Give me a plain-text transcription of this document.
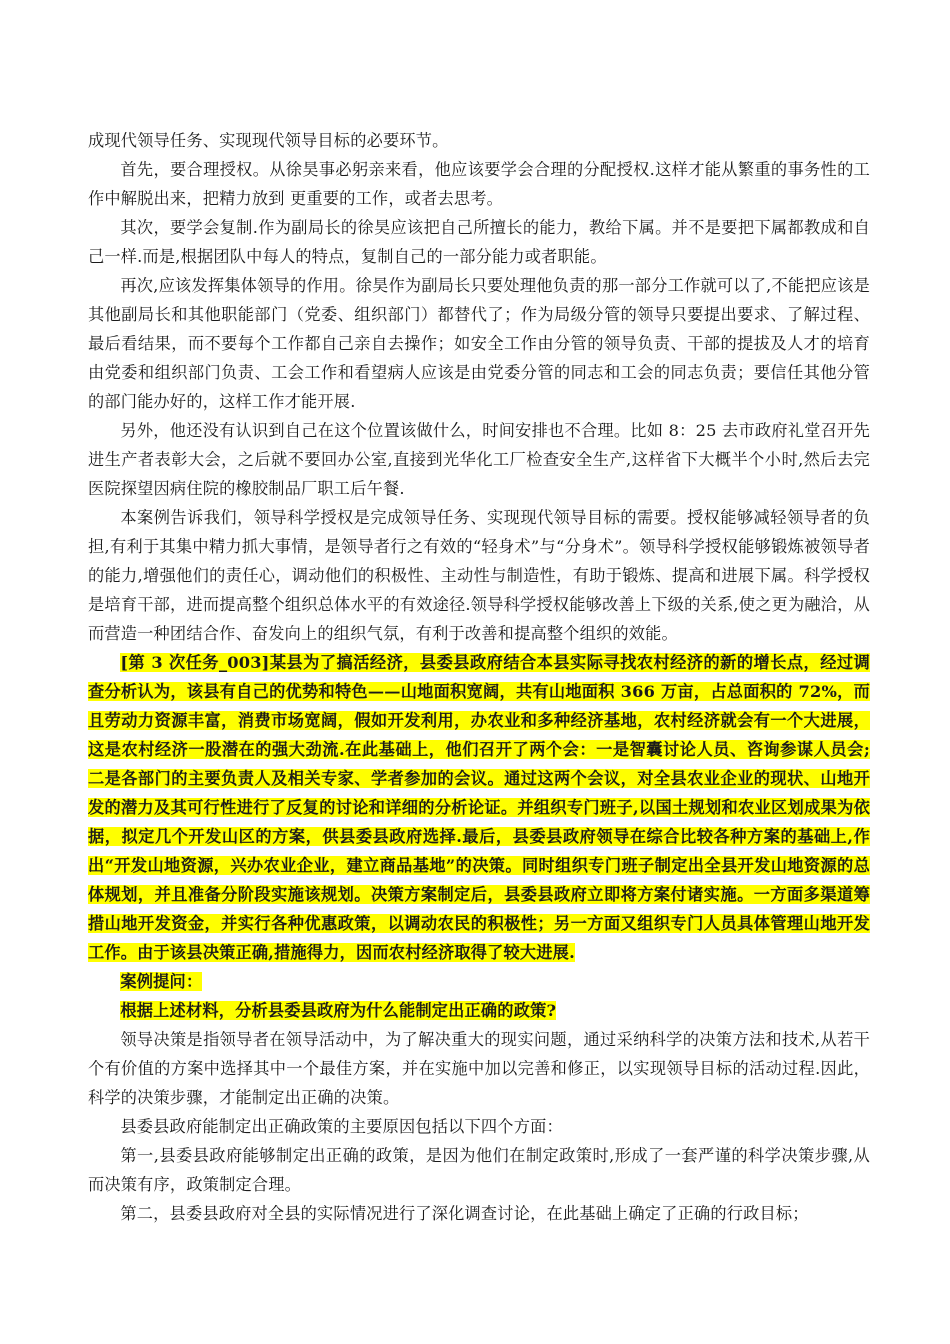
成现代领导任务、实现现代领导目标的必要环节。

首先，要合理授权。从徐昊事必躬亲来看，他应该要学会合理的分配授权.这样才能从繁重的事务性的工作中解脱出来，把精力放到 更重要的工作，或者去思考。

其次，要学会复制.作为副局长的徐昊应该把自己所擅长的能力，教给下属。并不是要把下属都教成和自己一样.而是,根据团队中每人的特点，复制自己的一部分能力或者职能。

再次,应该发挥集体领导的作用。徐昊作为副局长只要处理他负责的那一部分工作就可以了,不能把应该是其他副局长和其他职能部门（党委、组织部门）都替代了；作为局级分管的领导只要提出要求、了解过程、最后看结果，而不要每个工作都自己亲自去操作；如安全工作由分管的领导负责、干部的提拔及人才的培育由党委和组织部门负责、工会工作和看望病人应该是由党委分管的同志和工会的同志负责；要信任其他分管的部门能办好的，这样工作才能开展.

另外，他还没有认识到自己在这个位置该做什么，时间安排也不合理。比如 8：25 去市政府礼堂召开先进生产者表彰大会，之后就不要回办公室,直接到光华化工厂检查安全生产,这样省下大概半个小时,然后去完医院探望因病住院的橡胶制品厂职工后午餐.

本案例告诉我们，领导科学授权是完成领导任务、实现现代领导目标的需要。授权能够减轻领导者的负担,有利于其集中精力抓大事情，是领导者行之有效的“轻身术”与“分身术”。领导科学授权能够锻炼被领导者的能力,增强他们的责任心，调动他们的积极性、主动性与制造性，有助于锻炼、提高和进展下属。科学授权是培育干部，进而提高整个组织总体水平的有效途径.领导科学授权能够改善上下级的关系,使之更为融洽，从而营造一种团结合作、奋发向上的组织气氛，有利于改善和提高整个组织的效能。

[第 3 次任务_003]某县为了搞活经济，县委县政府结合本县实际寻找农村经济的新的增长点，经过调查分析认为，该县有自己的优势和特色——山地面积宽阔，共有山地面积 366 万亩，占总面积的 72%，而且劳动力资源丰富，消费市场宽阔，假如开发利用，办农业和多种经济基地，农村经济就会有一个大进展，这是农村经济一股潜在的强大劲流.在此基础上，他们召开了两个会：一是智囊讨论人员、咨询参谋人员会;二是各部门的主要负责人及相关专家、学者参加的会议。通过这两个会议，对全县农业企业的现状、山地开发的潜力及其可行性进行了反复的讨论和详细的分析论证。并组织专门班子,以国土规划和农业区划成果为依据，拟定几个开发山区的方案，供县委县政府选择.最后，县委县政府领导在综合比较各种方案的基础上,作出“开发山地资源，兴办农业企业，建立商品基地”的决策。同时组织专门班子制定出全县开发山地资源的总体规划，并且准备分阶段实施该规划。决策方案制定后，县委县政府立即将方案付诸实施。一方面多渠道筹措山地开发资金，并实行各种优惠政策，以调动农民的积极性；另一方面又组织专门人员具体管理山地开发工作。由于该县决策正确,措施得力，因而农村经济取得了较大进展.

案例提问：

根据上述材料，分析县委县政府为什么能制定出正确的政策?

领导决策是指领导者在领导活动中，为了解决重大的现实问题，通过采纳科学的决策方法和技术,从若干个有价值的方案中选择其中一个最佳方案，并在实施中加以完善和修正，以实现领导目标的活动过程.因此，科学的决策步骤，才能制定出正确的决策。

县委县政府能制定出正确政策的主要原因包括以下四个方面：

第一,县委县政府能够制定出正确的政策，是因为他们在制定政策时,形成了一套严谨的科学决策步骤,从而决策有序，政策制定合理。

第二，县委县政府对全县的实际情况进行了深化调查讨论，在此基础上确定了正确的行政目标；
